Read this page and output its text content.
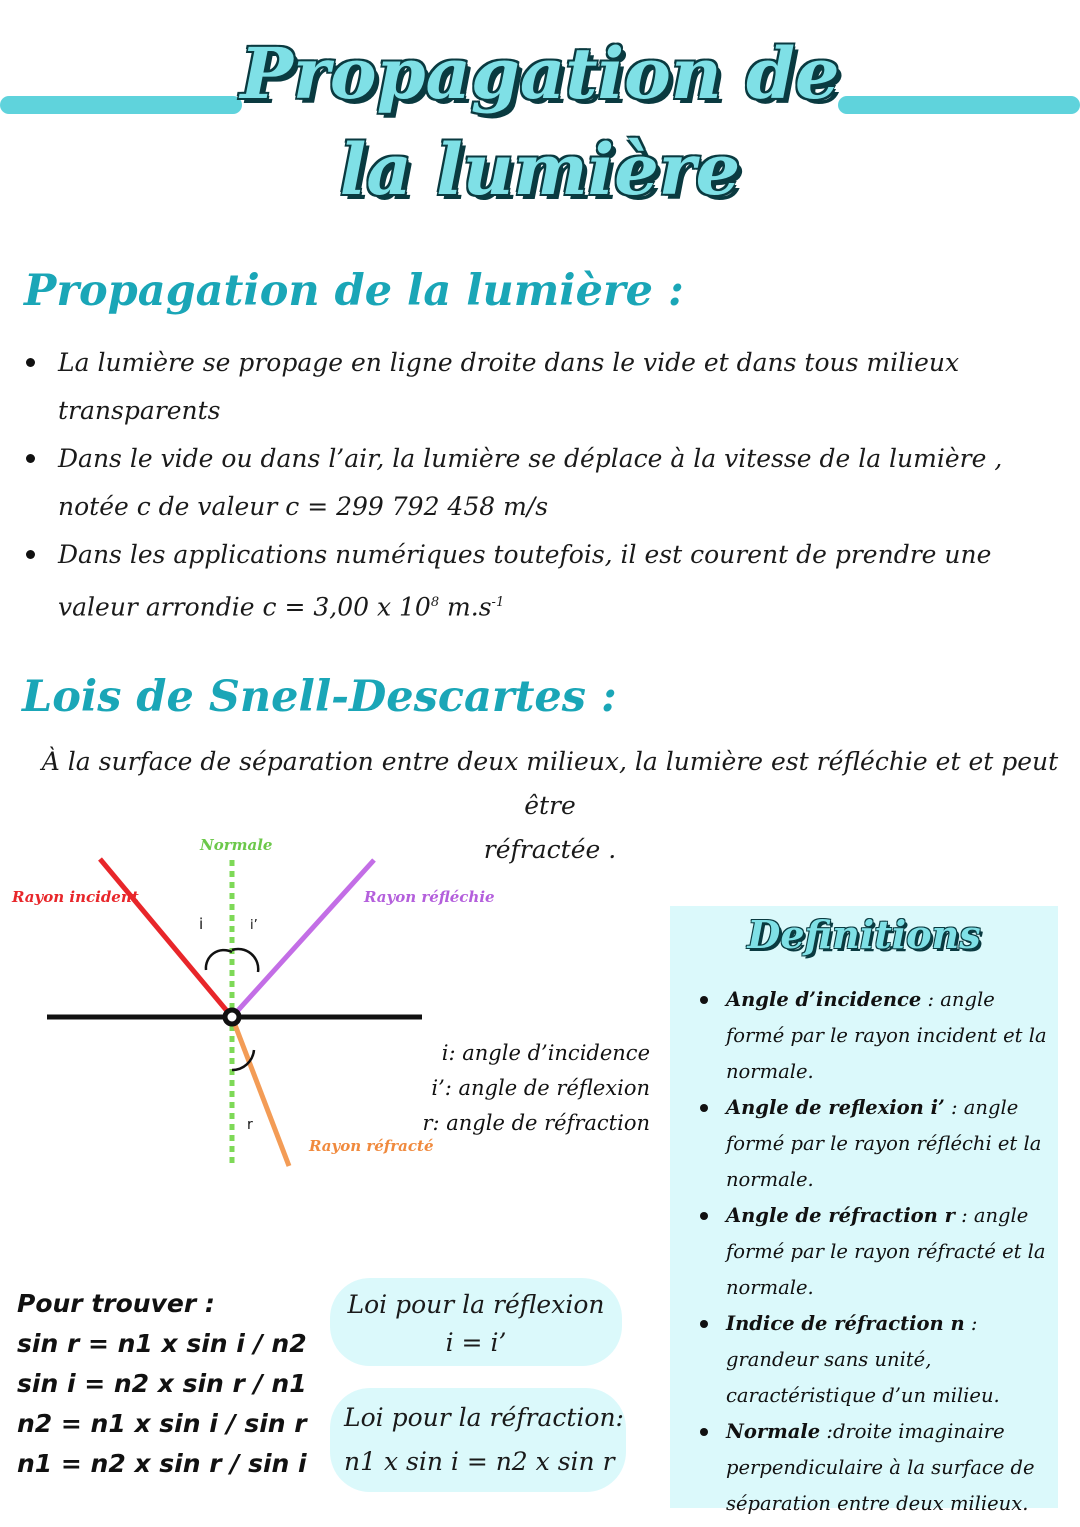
Propagation de
la lumière
Propagation de la lumière :
La lumière se propage en ligne droite dans le vide et dans tous milieux
transparents
Dans le vide ou dans l’air, la lumière se déplace à la vitesse de la lumière ,
notée c de valeur c = 299 792 458 m/s
Dans les applications numériques toutefois, il est courent de prendre une
valeur arrondie c = 3,00 x $10^8$ $m.s^{-1}$
Lois de Snell-Descartes :
À la surface de séparation entre deux milieux, la lumière est réfléchie et et peut être
réfractée .
Normale
Rayon incident	Rayon réfléchie
Rayon réfracté
i	i’
r
i: angle d’incidence
i’: angle de réflexion
r: angle de réfraction
Definitions
Angle d’incidence : angle formé par le rayon incident et la normale.
Angle de reflexion i’ : angle formé par le rayon réfléchi et la normale.
Angle de réfraction r : angle formé par le rayon réfracté et la normale.
Indice de réfraction n : grandeur sans unité, caractéristique d’un milieu.
Normale :droite imaginaire perpendiculaire à la surface de séparation entre deux milieux.
Pour trouver :
sin r = n1 x sin i / n2
sin i = n2 x sin r / n1
n2 = n1 x sin i / sin r
n1 = n2 x sin r / sin i
Loi pour la réflexion
i = i’
Loi pour la réfraction:
n1 x sin i = n2 x sin r
